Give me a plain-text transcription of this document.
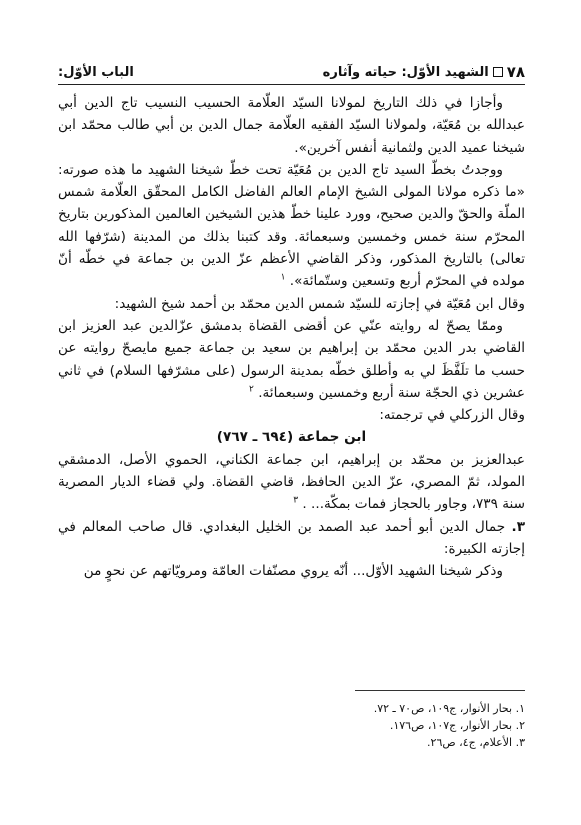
٧٨
الشهيد الأوّل: حياته وآثاره
الباب الأوّل:

وأجازا في ذلك التاريخ لمولانا السيّد العلّامة الحسيب النسيب تاج الدين أبي عبدالله بن مُعَيّة، ولمولانا السيّد الفقيه العلّامة جمال الدين بن أبي طالب محمّد ابن شيخنا عميد الدين ولثمانية أنفس آخرين».

ووجدتُ بخطّ السيد تاج الدين بن مُعَيّة تحت خطّ شيخنا الشهيد ما هذه صورته: «ما ذكره مولانا المولى الشيخ الإمام العالم الفاضل الكامل المحقّق العلّامة شمس الملّة والحقّ والدين صحيح، وورد علينا خطّ هذين الشيخين العالمين المذكورين بتاريخ المحرّم سنة خمس وخمسين وسبعمائة. وقد كتبنا بذلك من المدينة (شرّفها الله تعالى) بالتاريخ المذكور، وذكر القاضي الأعظم عزّ الدين بن جماعة في خطّه أنّ مولده في المحرّم أربع وتسعين وستّمائة». $^١$

وقال ابن مُعَيّة في إجازته للسيّد شمس الدين محمّد بن أحمد شيخ الشهيد:

وممّا يصحّ له روايته عنّي عن أقضى القضاة بدمشق عزّالدين عبد العزيز ابن القاضي بدر الدين محمّد بن إبراهيم بن سعيد بن جماعة جميع مايصحّ روايته عن حسب ما تلَفَّظَ لي به وأطلق خطّه بمدينة الرسول (على مشرّفها السلام) في ثاني عشرين ذي الحجّة سنة أربع وخمسين وسبعمائة. $^٢$

وقال الزركلي في ترجمته:

ابن جماعة (٦٩٤ ـ ٧٦٧)

عبدالعزيز بن محمّد بن إبراهيم، ابن جماعة الكناني، الحموي الأصل، الدمشقي المولد، ثمّ المصري، عزّ الدين الحافظ، قاضي القضاة. ولي قضاء الديار المصرية سنة ٧٣٩، وجاور بالحجاز فمات بمكّة... . $^٣$

٣. جمال الدين أبو أحمد عبد الصمد بن الخليل البغدادي. قال صاحب المعالم في إجازته الكبيرة:

وذكر شيخنا الشهيد الأوّل... أنّه يروي مصنّفات العامّة ومرويّاتهم عن نحوٍ من

١. بحار الأنوار، ج١٠٩، ص٧٠ ـ ٧٢.
٢. بحار الأنوار، ج١٠٧، ص١٧٦.
٣. الأعلام، ج٤، ص٢٦.
